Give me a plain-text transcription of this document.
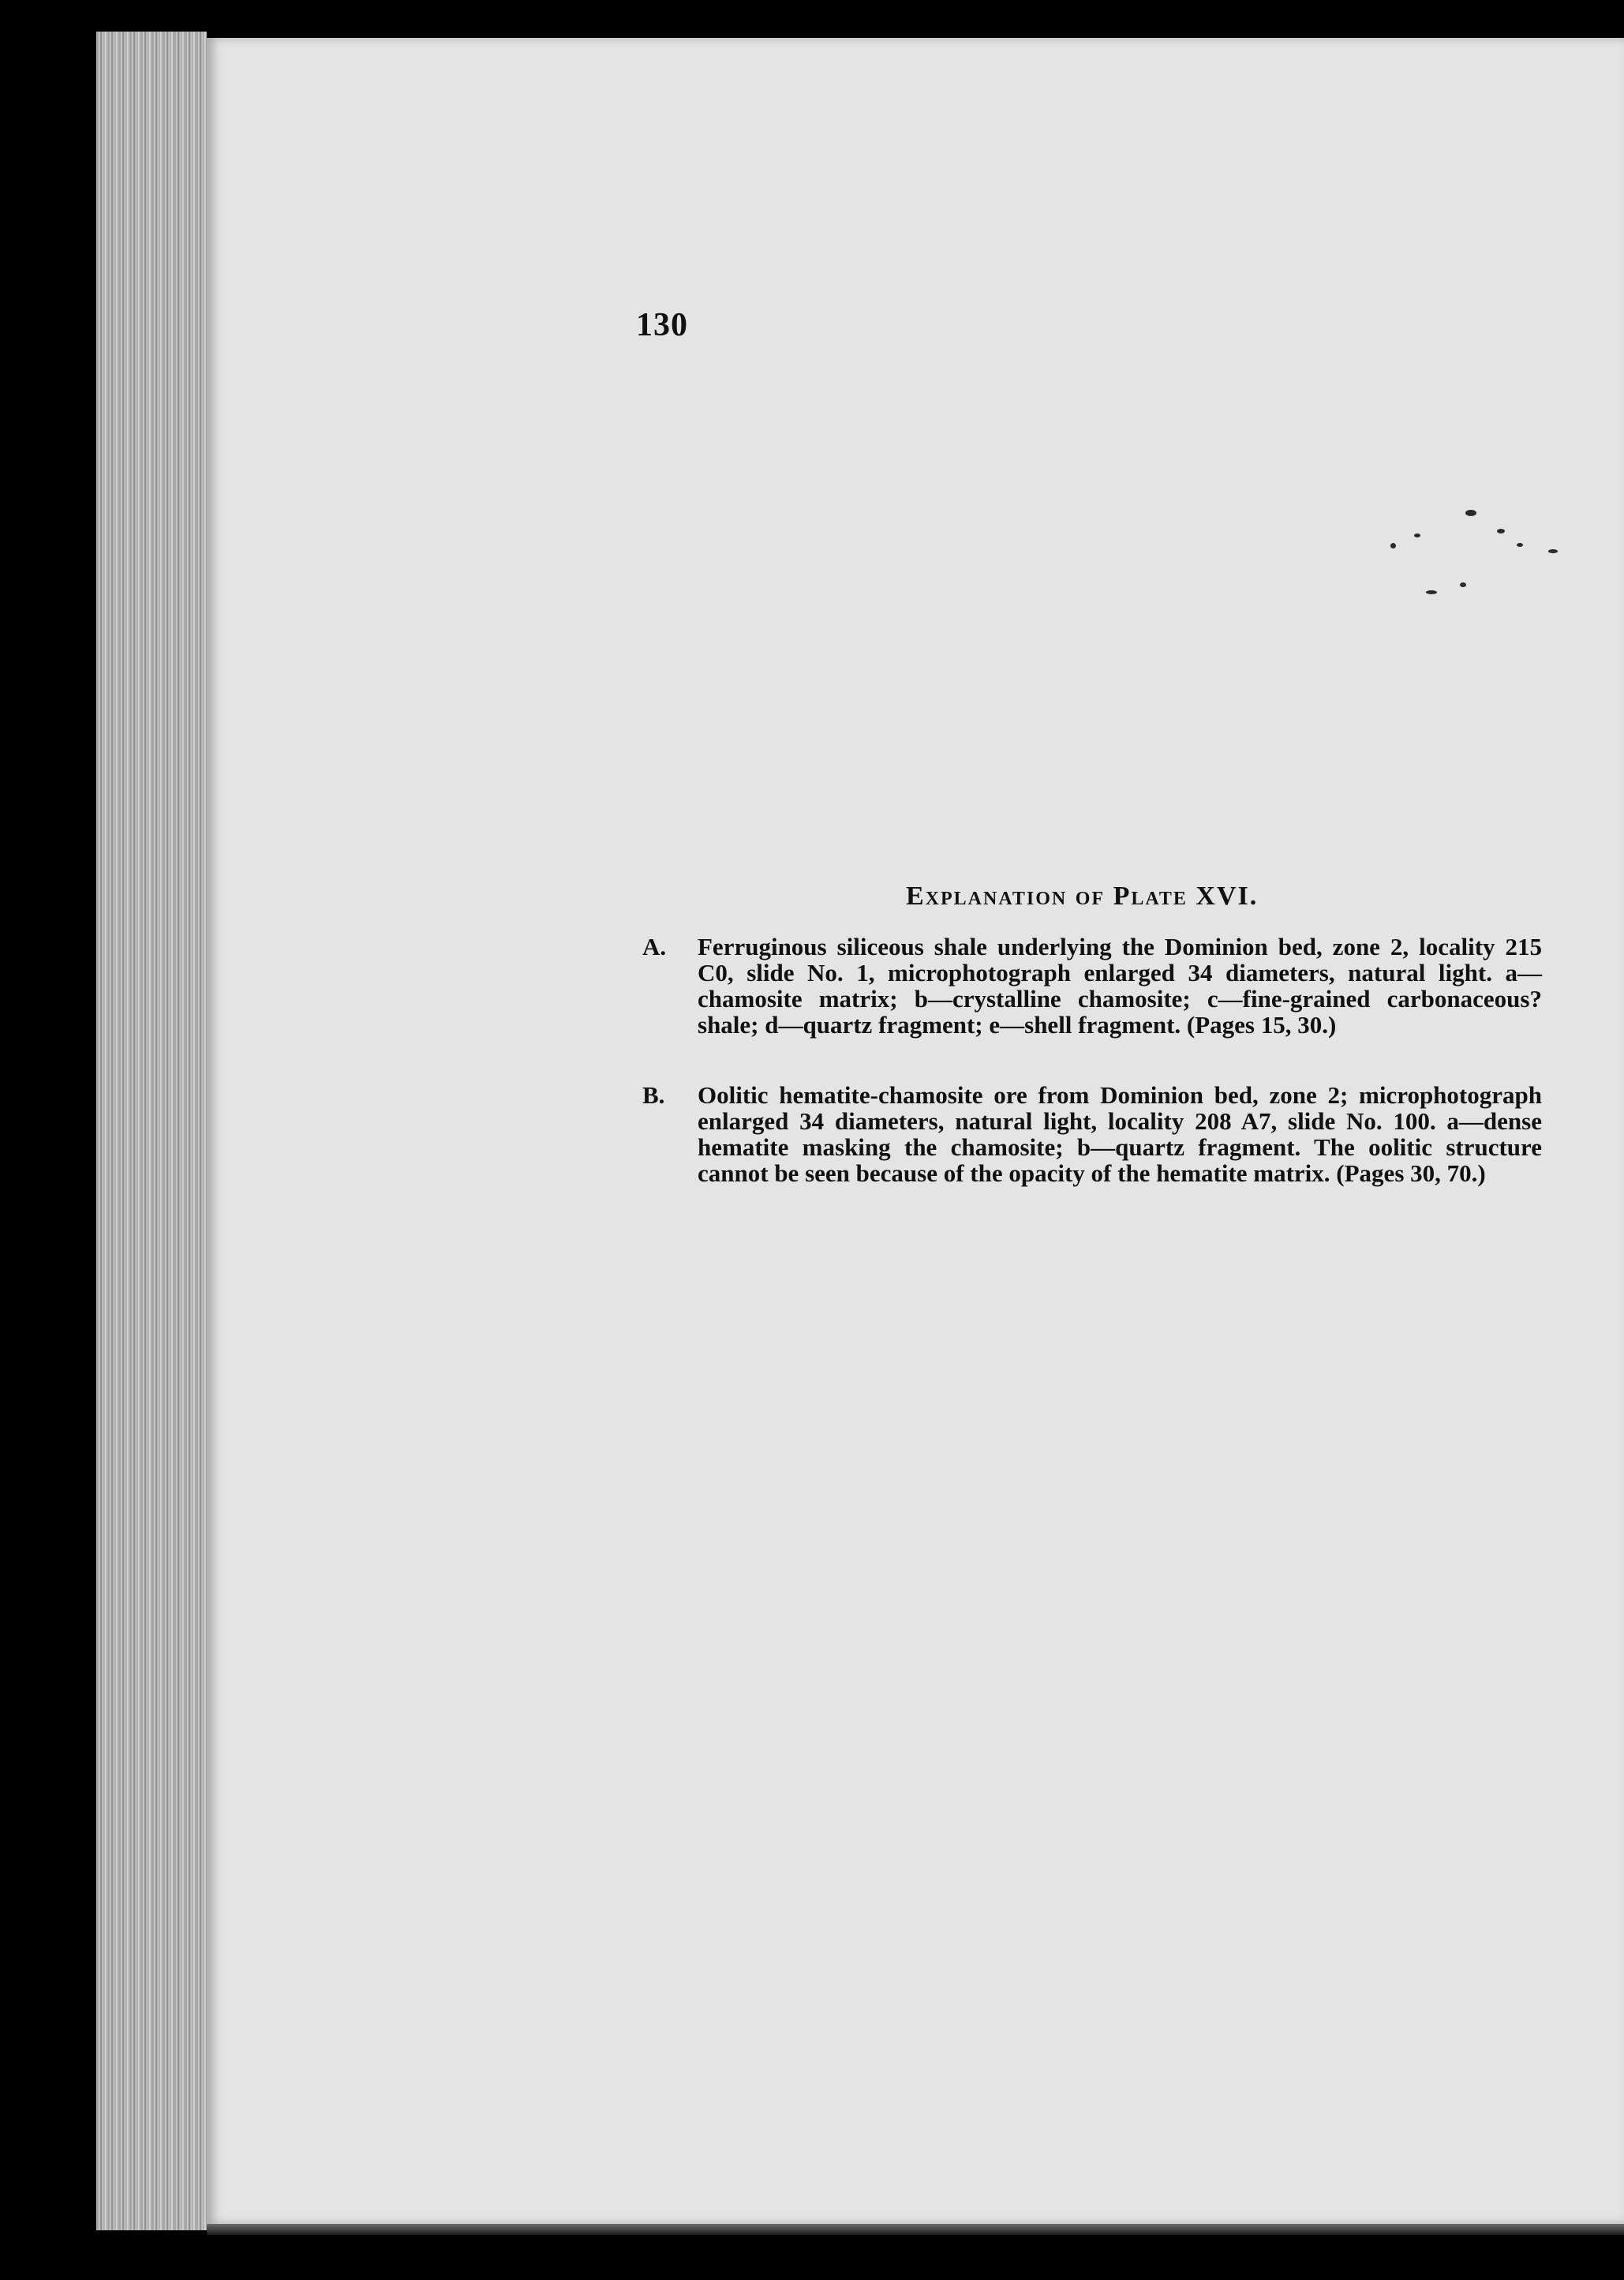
130
Explanation of Plate XVI.
A.	Ferruginous siliceous shale underlying the Dominion bed, zone 2, locality 215 C0, slide No. 1, microphotograph enlarged 34 diameters, natural light. a—chamosite matrix; b—crystalline chamosite; c—fine-grained carbonaceous? shale; d—quartz fragment; e—shell fragment. (Pages 15, 30.)
B.	Oolitic hematite-chamosite ore from Dominion bed, zone 2; microphotograph enlarged 34 diameters, natural light, locality 208 A7, slide No. 100. a—dense hematite masking the chamosite; b—quartz fragment. The oolitic structure cannot be seen because of the opacity of the hematite matrix. (Pages 30, 70.)
